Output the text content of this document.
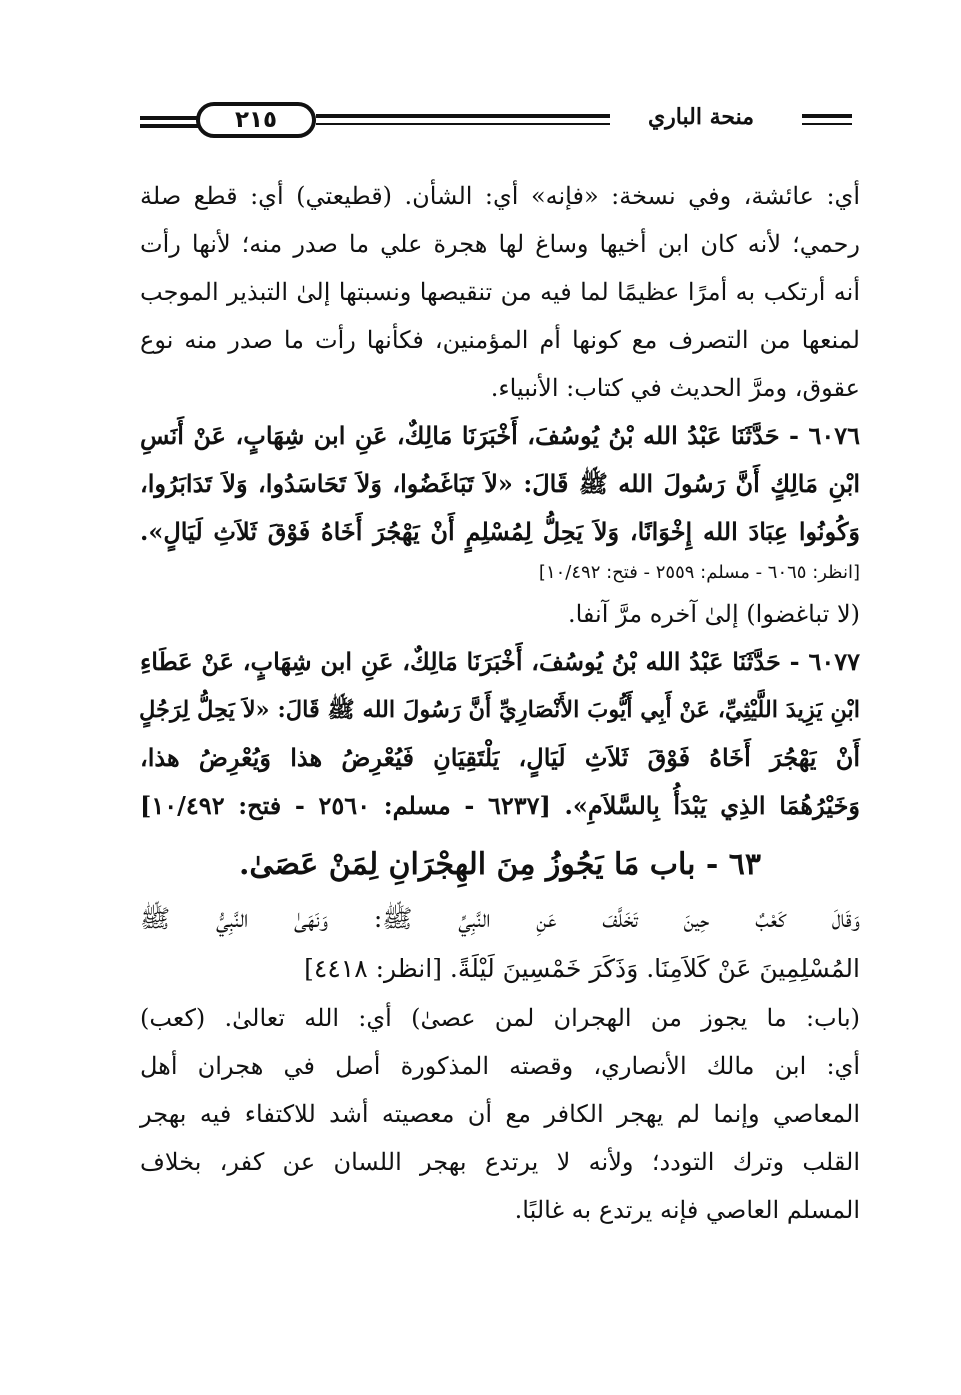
٢١٥	منحة الباري
أي: عائشة، وفي نسخة: «فإنه» أي: الشأن. (قطيعتي) أي: قطع صلة
رحمي؛ لأنه كان ابن أخيها وساغ لها هجرة علي ما صدر منه؛ لأنها رأت
أنه أرتكب به أمرًا عظيمًا لما فيه من تنقيصها ونسبتها إلىٰ التبذير الموجب
لمنعها من التصرف مع كونها أم المؤمنين، فكأنها رأت ما صدر منه نوع
عقوق، ومرَّ الحديث في كتاب: الأنبياء.
٦٠٧٦ - حَدَّثَنَا عَبْدُ الله بْنُ يُوسُفَ، أَخْبَرَنَا مَالِكٌ، عَنِ ابن شِهَابٍ، عَنْ أَنَسِ
ابْنِ مَالِكٍ أَنَّ رَسُولَ الله ﷺ قَالَ: «لاَ تَبَاغَضُوا، وَلاَ تَحَاسَدُوا، وَلاَ تَدَابَرُوا،
وَكُونُوا عِبَادَ الله إِخْوَانًا، وَلاَ يَحِلُّ لِمُسْلِمٍ أَنْ يَهْجُرَ أَخَاهُ فَوْقَ ثَلاَثِ لَيَالٍ».
[انظر: ٦٠٦٥ - مسلم: ٢٥٥٩ - فتح: ١٠/٤٩٢]
(لا تباغضوا) إلىٰ آخره مرَّ آنفا.
٦٠٧٧ - حَدَّثَنَا عَبْدُ الله بْنُ يُوسُفَ، أَخْبَرَنَا مَالِكٌ، عَنِ ابن شِهَابٍ، عَنْ عَطَاءِ
ابْنِ يَزِيدَ اللَّيْثِيِّ، عَنْ أَبِي أَيُّوبَ الأَنْصَارِيِّ أَنَّ رَسُولَ الله ﷺ قَالَ: «لاَ يَحِلُّ لِرَجُلٍ
أَنْ يَهْجُرَ أَخَاهُ فَوْقَ ثَلاَثِ لَيَالٍ، يَلْتَقِيَانِ فَيُعْرِضُ هذا وَيُعْرِضُ هذا،
وَخَيْرُهُمَا الذِي يَبْدَأُ بِالسَّلاَمِ». [٦٢٣٧ - مسلم: ٢٥٦٠ - فتح: ١٠/٤٩٢]
٦٣ - باب مَا يَجُوزُ مِنَ الهِجْرَانِ لِمَنْ عَصَىٰ.
وَقَالَ كَعْبٌ حِينَ تَخَلَّفَ عَنِ النَّبِيِّ ﷺ: وَنَهَىٰ النَّبِيُّ ﷺ
المُسْلِمِينَ عَنْ كَلاَمِنَا. وَذَكَرَ خَمْسِينَ لَيْلَةً. [انظر: ٤٤١٨]
(باب: ما يجوز من الهجران لمن عصىٰ) أي: الله تعالىٰ. (كعب)
أي: ابن مالك الأنصاري، وقصته المذكورة أصل في هجران أهل
المعاصي وإنما لم يهجر الكافر مع أن معصيته أشد للاكتفاء فيه بهجر
القلب وترك التودد؛ ولأنه لا يرتدع بهجر اللسان عن كفر، بخلاف
المسلم العاصي فإنه يرتدع به غالبًا.
